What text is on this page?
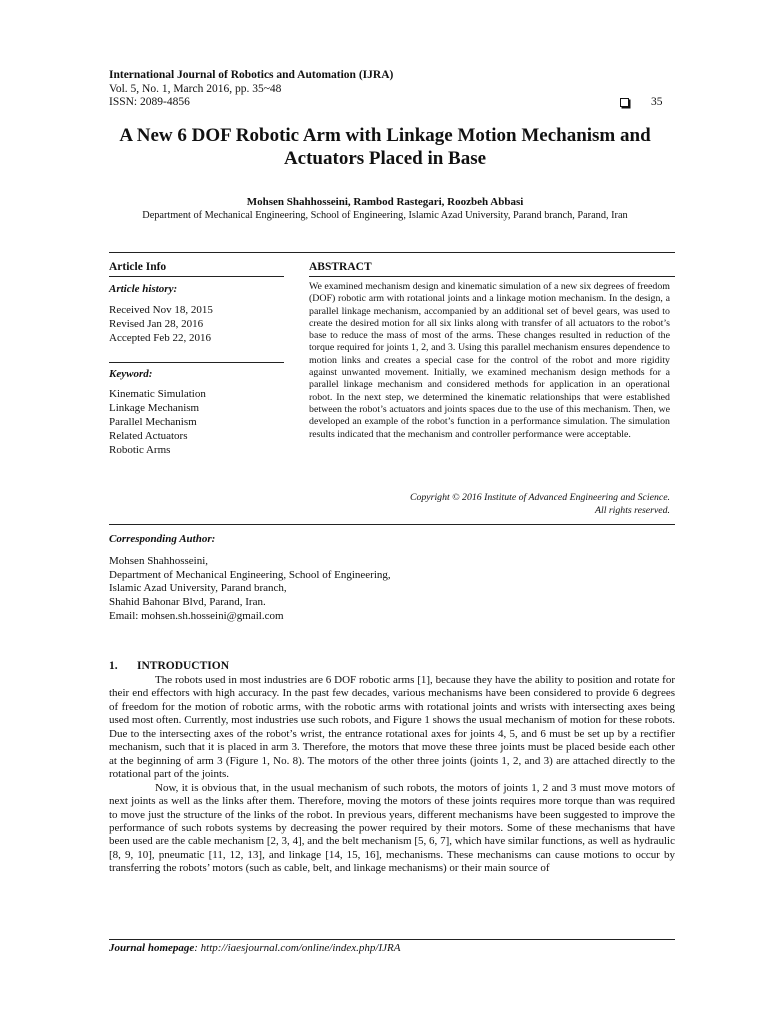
International Journal of Robotics and Automation (IJRA)
Vol. 5, No. 1, March 2016, pp. 35~48
ISSN: 2089-4856	35
A New 6 DOF Robotic Arm with Linkage Motion Mechanism and Actuators Placed in Base
Mohsen Shahhosseini, Rambod Rastegari, Roozbeh Abbasi
Department of Mechanical Engineering, School of Engineering, Islamic Azad University, Parand branch, Parand, Iran
Article Info
Article history:
Received Nov 18, 2015
Revised Jan 28, 2016
Accepted Feb 22, 2016
Keyword:
Kinematic Simulation
Linkage Mechanism
Parallel Mechanism
Related Actuators
Robotic Arms
ABSTRACT
We examined mechanism design and kinematic simulation of a new six degrees of freedom (DOF) robotic arm with rotational joints and a linkage motion mechanism. In the design, a parallel linkage mechanism, accompanied by an additional set of bevel gears, was used to create the desired motion for all six links along with transfer of all actuators to the robot’s base to reduce the mass of most of the arms. These changes resulted in reduction of the torque required for joints 1, 2, and 3. Using this parallel mechanism ensures dependence to motion links and creates a special case for the control of the robot and more rigidity against unwanted movement. Initially, we examined mechanism design methods for a parallel linkage mechanism and considered methods for application in an operational robot. In the next step, we determined the kinematic relationships that were established between the robot’s actuators and joints spaces due to the use of this mechanism. Then, we developed an example of the robot’s function in a performance simulation. The simulation results indicated that the mechanism and controller performance were acceptable.
Copyright © 2016 Institute of Advanced Engineering and Science.
All rights reserved.
Corresponding Author:
Mohsen Shahhosseini,
Department of Mechanical Engineering, School of Engineering,
Islamic Azad University, Parand branch,
Shahid Bahonar Blvd, Parand, Iran.
Email: mohsen.sh.hosseini@gmail.com
1. INTRODUCTION

The robots used in most industries are 6 DOF robotic arms [1], because they have the ability to position and rotate for their end effectors with high accuracy. In the past few decades, various mechanisms have been considered to provide 6 degrees of freedom for the motion of robotic arms, with the robotic arms with rotational joints and wrists with intersecting axes being used most often. Currently, most industries use such robots, and Figure 1 shows the usual mechanism of motion for these robots. Due to the intersecting axes of the robot’s wrist, the entrance rotational axes for joints 4, 5, and 6 must be set up by a rectifier mechanism, such that it is placed in arm 3. Therefore, the motors that move these three joints must be placed beside each other at the beginning of arm 3 (Figure 1, No. 8). The motors of the other three joints (joints 1, 2, and 3) are attached directly to the rotational part of the joints.

Now, it is obvious that, in the usual mechanism of such robots, the motors of joints 1, 2 and 3 must move motors of next joints as well as the links after them. Therefore, moving the motors of these joints requires more torque than was required to move just the structure of the links of the robot. In previous years, different mechanisms have been suggested to improve the performance of such robots systems by decreasing the power required by their motors. Some of these mechanisms that have been used are the cable mechanism [2, 3, 4], and the belt mechanism [5, 6, 7], which have similar functions, as well as hydraulic [8, 9, 10], pneumatic [11, 12, 13], and linkage [14, 15, 16], mechanisms. These mechanisms can cause motions to occur by transferring the robots’ motors (such as cable, belt, and linkage mechanisms) or their main source of

Journal homepage: http://iaesjournal.com/online/index.php/IJRA
